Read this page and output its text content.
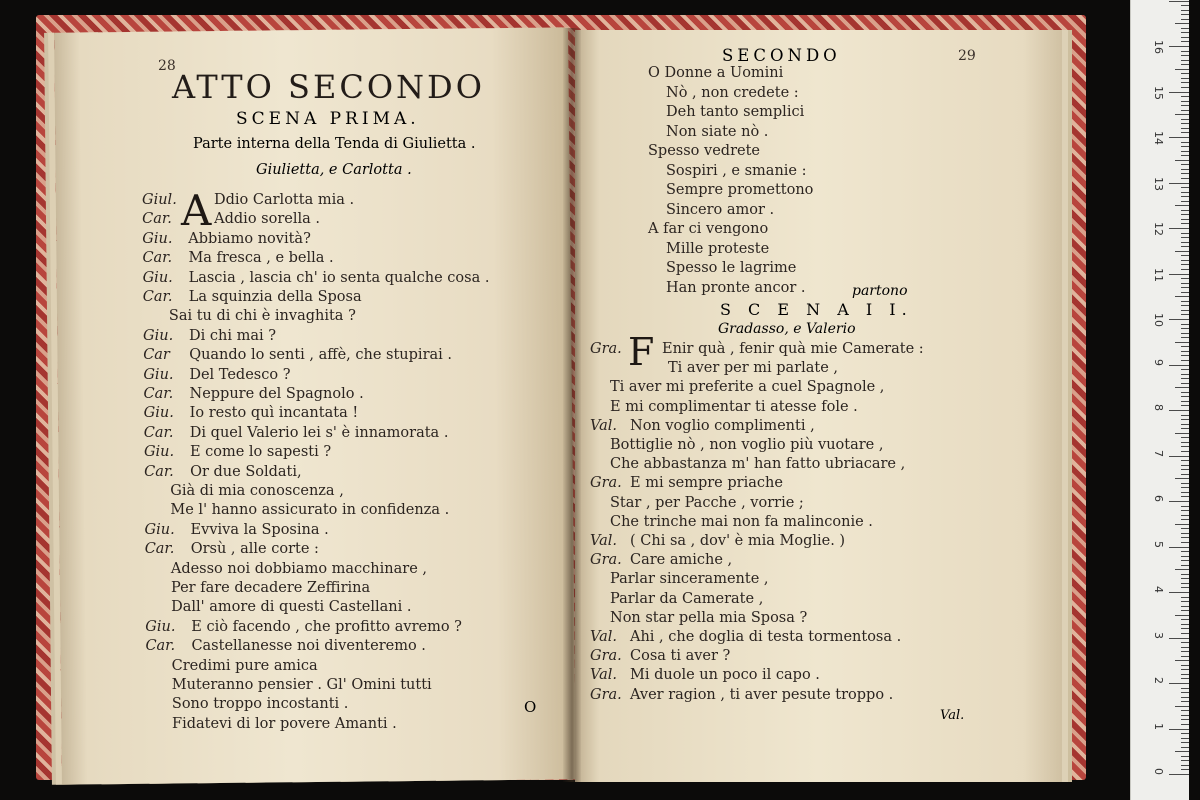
28
ATTO SECONDO
SCENA PRIMA.
Parte interna della Tenda di Giulietta .
Giulietta, e Carlotta .
A
Giul.	Ddio Carlotta mia .
Car.	Addio sorella .
Giu. Abbiamo novità?
Car. Ma fresca , e bella .
Giu. Lascia , lascia ch' io senta qualche cosa .
Car. La squinzia della Sposa
Sai tu di chi è invaghita ?
Giu. Di chi mai ?
Car Quando lo senti , affè, che stupirai .
Giu. Del Tedesco ?
Car. Neppure del Spagnolo .
Giu. Io resto quì incantata !
Car. Di quel Valerio lei s' è innamorata .
Giu. E come lo sapesti ?
Car. Or due Soldati,
Già di mia conoscenza ,
Me l' hanno assicurato in confidenza .
Giu. Evviva la Sposina .
Car. Orsù , alle corte :
Adesso noi dobbiamo macchinare ,
Per fare decadere Zeffirina
Dall' amore di questi Castellani .
Giu. E ciò facendo , che profitto avremo ?
Car. Castellanesse noi diventeremo .
Credimi pure amica
Muteranno pensier . Gl' Omini tutti
Sono troppo incostanti .
Fidatevi di lor povere Amanti .
O
SECONDO	29
O Donne a Uomini
Nò , non credete :
Deh tanto semplici
Non siate nò .
Spesso vedrete
Sospiri , e smanie :
Sempre promettono
Sincero amor .
A far ci vengono
Mille proteste
Spesso le lagrime
Han pronte ancor .	partono
S C E N A I I.
Gradasso, e Valerio
F
Gra.	Enir quà , fenir quà mie Camerate :
Ti aver per mi parlate ,
Ti aver mi preferite a cuel Spagnole ,
E mi complimentar ti atesse fole .
Val. Non voglio complimenti ,
Bottiglie nò , non voglio più vuotare ,
Che abbastanza m' han fatto ubriacare ,
Gra. E mi sempre priache
Star , per Pacche , vorrie ;
Che trinche mai non fa malinconie .
Val. ( Chi sa , dov' è mia Moglie. )
Gra. Care amiche ,
Parlar sinceramente ,
Parlar da Camerate ,
Non star pella mia Sposa ?
Val. Ahi , che doglia di testa tormentosa .
Gra. Cosa ti aver ?
Val. Mi duole un poco il capo .
Gra. Aver ragion , ti aver pesute troppo .
Val.
16
15
14
13
12
11
10
9
8
7
6
5
4
3
2
1
0
